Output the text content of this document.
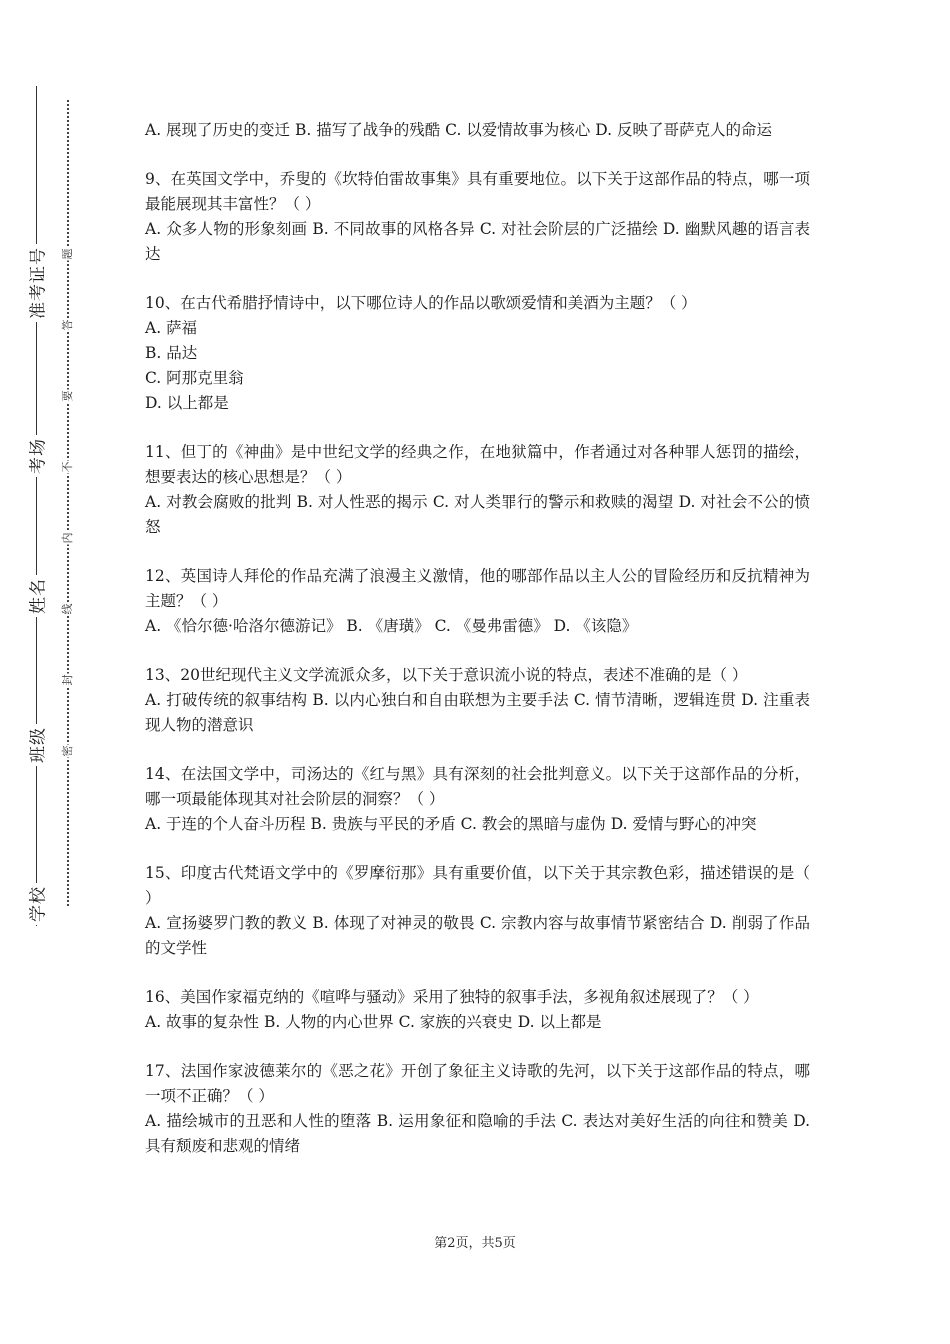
准考证号
考场
姓名
班级
学校
题
答
要
不
内
线
封
密

A. 展现了历史的变迁 B. 描写了战争的残酷 C. 以爱情故事为核心 D. 反映了哥萨克人的命运

9、在英国文学中，乔叟的《坎特伯雷故事集》具有重要地位。以下关于这部作品的特点，哪一项最能展现其丰富性？（ ）

A. 众多人物的形象刻画 B. 不同故事的风格各异 C. 对社会阶层的广泛描绘 D. 幽默风趣的语言表达

10、在古代希腊抒情诗中，以下哪位诗人的作品以歌颂爱情和美酒为主题？（ ）

A. 萨福

B. 品达

C. 阿那克里翁

D. 以上都是

11、但丁的《神曲》是中世纪文学的经典之作，在地狱篇中，作者通过对各种罪人惩罚的描绘，想要表达的核心思想是？（ ）

A. 对教会腐败的批判 B. 对人性恶的揭示 C. 对人类罪行的警示和救赎的渴望 D. 对社会不公的愤怒

12、英国诗人拜伦的作品充满了浪漫主义激情，他的哪部作品以主人公的冒险经历和反抗精神为主题？（ ）

A. 《恰尔德·哈洛尔德游记》 B. 《唐璜》 C. 《曼弗雷德》 D. 《该隐》

13、20世纪现代主义文学流派众多，以下关于意识流小说的特点，表述不准确的是（ ）

A. 打破传统的叙事结构 B. 以内心独白和自由联想为主要手法 C. 情节清晰，逻辑连贯 D. 注重表现人物的潜意识

14、在法国文学中，司汤达的《红与黑》具有深刻的社会批判意义。以下关于这部作品的分析，哪一项最能体现其对社会阶层的洞察？（ ）

A. 于连的个人奋斗历程 B. 贵族与平民的矛盾 C. 教会的黑暗与虚伪 D. 爱情与野心的冲突

15、印度古代梵语文学中的《罗摩衍那》具有重要价值，以下关于其宗教色彩，描述错误的是（ ）

A. 宣扬婆罗门教的教义 B. 体现了对神灵的敬畏 C. 宗教内容与故事情节紧密结合 D. 削弱了作品的文学性

16、美国作家福克纳的《喧哗与骚动》采用了独特的叙事手法，多视角叙述展现了？（ ）

A. 故事的复杂性 B. 人物的内心世界 C. 家族的兴衰史 D. 以上都是

17、法国作家波德莱尔的《恶之花》开创了象征主义诗歌的先河，以下关于这部作品的特点，哪一项不正确？（ ）

A. 描绘城市的丑恶和人性的堕落 B. 运用象征和隐喻的手法 C. 表达对美好生活的向往和赞美 D. 具有颓废和悲观的情绪

第2页，共5页
